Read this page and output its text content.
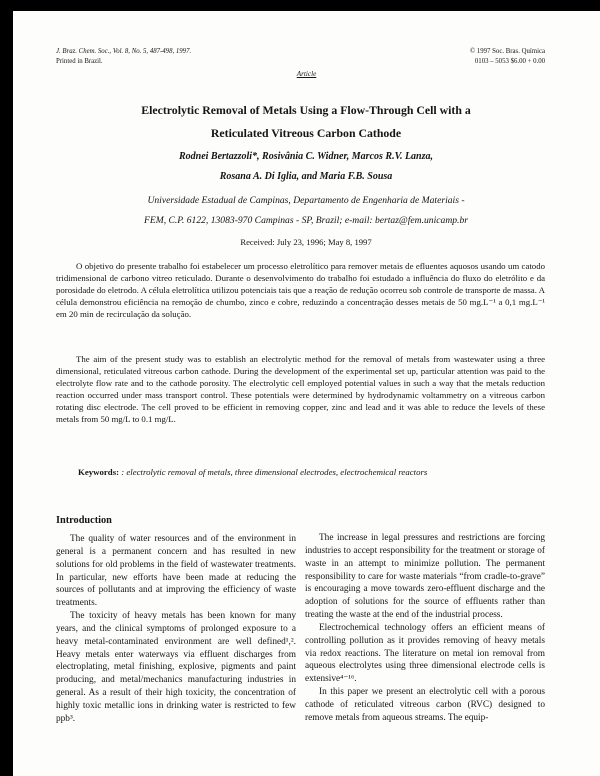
J. Braz. Chem. Soc., Vol. 8, No. 5, 487-498, 1997.
Printed in Brazil.
© 1997 Soc. Bras. Química
0103 – 5053 $6.00 + 0.00
Article
Electrolytic Removal of Metals Using a Flow-Through Cell with a
Reticulated Vitreous Carbon Cathode
Rodnei Bertazzoli*, Rosivânia C. Widner, Marcos R.V. Lanza,
Rosana A. Di Iglia, and Maria F.B. Sousa
Universidade Estadual de Campinas, Departamento de Engenharia de Materiais -
FEM, C.P. 6122, 13083-970 Campinas - SP, Brazil; e-mail: bertaz@fem.unicamp.br
Received: July 23, 1996; May 8, 1997
O objetivo do presente trabalho foi estabelecer um processo eletrolítico para remover metais de efluentes aquosos usando um catodo tridimensional de carbono vitreo reticulado. Durante o desenvolvimento do trabalho foi estudado a influência do fluxo do eletrólito e da porosidade do eletrodo. A célula eletrolítica utilizou potenciais tais que a reação de redução ocorreu sob controle de transporte de massa. A célula demonstrou eficiência na remoção de chumbo, zinco e cobre, reduzindo a concentração desses metais de 50 mg.L⁻¹ a 0,1 mg.L⁻¹ em 20 min de recirculação da solução.
The aim of the present study was to establish an electrolytic method for the removal of metals from wastewater using a three dimensional, reticulated vitreous carbon cathode. During the development of the experimental set up, particular attention was paid to the electrolyte flow rate and to the cathode porosity. The electrolytic cell employed potential values in such a way that the metals reduction reaction occurred under mass transport control. These potentials were determined by hydrodynamic voltammetry on a vitreous carbon rotating disc electrode. The cell proved to be efficient in removing copper, zinc and lead and it was able to reduce the levels of these metals from 50 mg/L to 0.1 mg/L.
Keywords: : electrolytic removal of metals, three dimensional electrodes, electrochemical reactors
Introduction

The quality of water resources and of the environment in general is a permanent concern and has resulted in new solutions for old problems in the field of wastewater treatments. In particular, new efforts have been made at reducing the sources of pollutants and at improving the efficiency of waste treatments.

The toxicity of heavy metals has been known for many years, and the clinical symptoms of prolonged exposure to a heavy metal-contaminated environment are well defined¹,². Heavy metals enter waterways via effluent discharges from electroplating, metal finishing, explosive, pigments and paint producing, and metal/mechanics manufacturing industries in general. As a result of their high toxicity, the concentration of highly toxic metallic ions in drinking water is restricted to few ppb³.

The increase in legal pressures and restrictions are forcing industries to accept responsibility for the treatment or storage of waste in an attempt to minimize pollution. The permanent responsibility to care for waste materials “from cradle-to-grave” is encouraging a move towards zero-effluent discharge and the adoption of solutions for the source of effluents rather than treating the waste at the end of the industrial process.

Electrochemical technology offers an efficient means of controlling pollution as it provides removing of heavy metals via redox reactions. The literature on metal ion removal from aqueous electrolytes using three dimensional electrode cells is extensive⁴⁻¹⁶.

In this paper we present an electrolytic cell with a porous cathode of reticulated vitreous carbon (RVC) designed to remove metals from aqueous streams. The equip-
